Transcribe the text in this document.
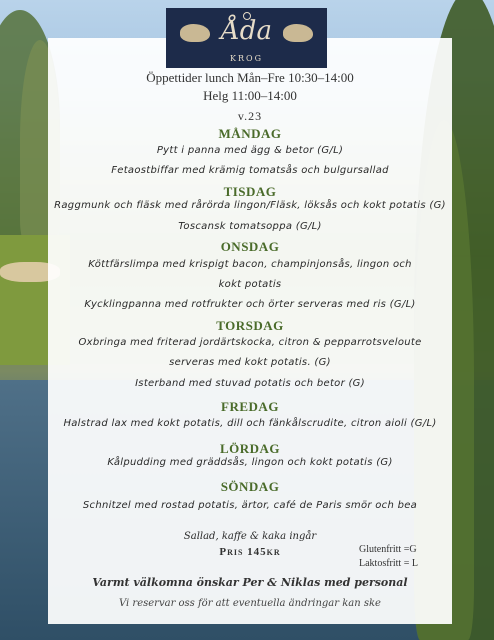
Åda
KROG
Öppettider lunch Mån–Fre 10:30–14:00
Helg 11:00–14:00
v.23
MÅNDAG
Pytt i panna med ägg & betor (G/L)
Fetaostbiffar med krämig tomatsås och bulgursallad
TISDAG
Raggmunk och fläsk med rårörda lingon/Fläsk, löksås och kokt potatis (G)
Toscansk tomatsoppa (G/L)
ONSDAG
Köttfärslimpa med krispigt bacon, champinjonsås, lingon och
kokt potatis
Kycklingpanna med rotfrukter och örter serveras med ris (G/L)
TORSDAG
Oxbringa med friterad jordärtskocka, citron & pepparrotsveloute
serveras med kokt potatis. (G)
Isterband med stuvad potatis och betor (G)
FREDAG
Halstrad lax med kokt potatis, dill och fänkålscrudite, citron aioli (G/L)
LÖRDAG
Kålpudding med gräddsås, lingon och kokt potatis (G)
SÖNDAG
Schnitzel med rostad potatis, ärtor, café de Paris smör och bea
Sallad, kaffe & kaka ingår
Pris 145kr	Glutenfritt =G
Laktosfritt = L
Varmt välkomna önskar Per & Niklas med personal
Vi reservar oss för att eventuella ändringar kan ske
